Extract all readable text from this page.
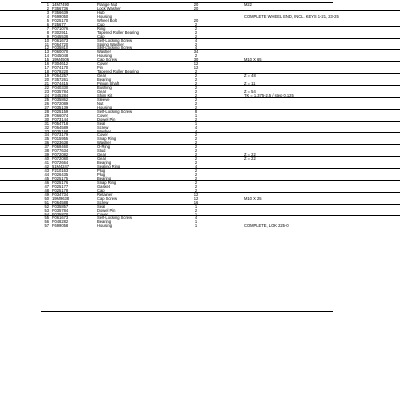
1 14M7490	Flange Nut	20	M22
2 F356736	Lock Washer	20
3 F356639	Hub
4 F699050	Housing	COMPLETE WHEEL END, INCL. KEYS 1-21, 23-25
5 F025170	Wheel Bolt	20
6 F25677	Cup	2
7 F071076	Ring	2
8 F302911	Tapered Roller Bearing	2
9 F045538	Cap	2
10 F061673	Self-Locking Screw	4
11 F064720	Spring Washer	2
12 F035810	Self-Locking Screw	4
13 F060070	Washer	34
14 F045048	Housing	2
15 19M4506	Cap Screw	30	M10 X 65
16 F304612	Cover	12
17 F074170	Pin	12
18 F079220	Tapered Roller Bearing	2
19 F064257	Gear	2	Z = 48
20 F357261	Bearing	2
21 F074415	Pinion Shaft	2	Z = 11
22 F040330	Bushing	2
23 F035784	Gear	2	Z = 54
24 F345284	Shim Kit	2	TK = 1.375-2.5 / step 0.125
25 F035862	Sleeve	2
26 F072089	Nut	2
27 F035139	Housing	2
28 F025159	Self-Locking Screw	8
29 F066074	Cover	1
30 F073144	Dowel Pin	2
31 F054718	Seal	1
32 F064589	Screw	4
33 F035168	Washer	4
34 F073179	Cover	2
35 F015955	Snap Ring	2
36 F023638	Washer	2
37 F069460	O-Ring	2
38 F077634	Stud	2
39 F072082	Gear	2	Z = 22
40 F072080	Gear	2	Z = 22
41 F072664	Bearing	2
42 51M4247	Sealing Ring	4
43 F210163	Plug	2
44 F026435	Plug	2
45 F025175	Bearing	2
46 F025176	Snap Ring	2
47 F025177	Gasket	2
48 F025178	Cap	2
49 F034734	Retainer	12
50 19M9638	Cap Screw	12	M10 X 25
51 F064588	Screw	16
52 F035857	Seal	1
53 F035784	Dowel Pin	2
54 F035870	Cover	1
55 F061673	Self-Locking Screw	4
56 F048282	Bearing	1
57 F699058	Housing	1	COMPLETE, LOK 225-0
